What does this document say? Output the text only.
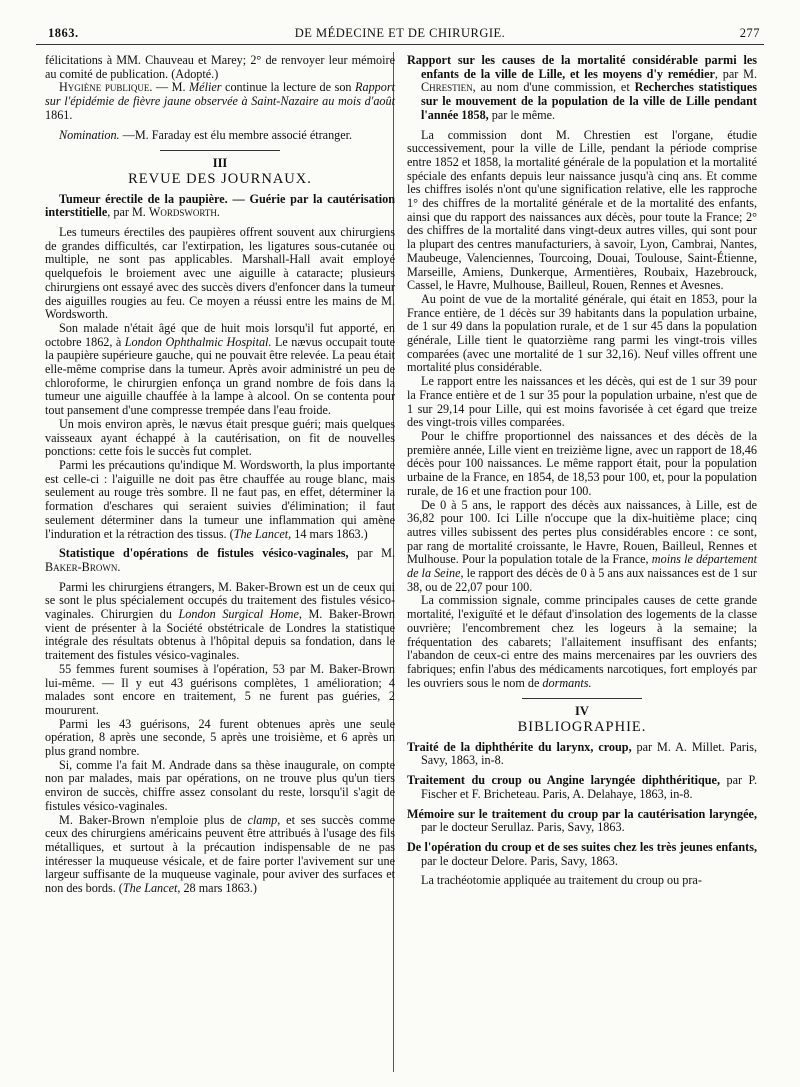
1863.	DE MÉDECINE ET DE CHIRURGIE.	277

félicitations à MM. Chauveau et Marey; 2° de renvoyer leur mémoire au comité de publication. (Adopté.)

Hygiène publique. — M. Mélier continue la lecture de son Rapport sur l'épidémie de fièvre jaune observée à Saint-Nazaire au mois d'août 1861.

Nomination. —M. Faraday est élu membre associé étranger.

III
REVUE DES JOURNAUX.

Tumeur érectile de la paupière. — Guérie par la cautérisation interstitielle, par M. Wordsworth.

Les tumeurs érectiles des paupières offrent souvent aux chirurgiens de grandes difficultés, car l'extirpation, les ligatures sous-cutanée ou multiple, ne sont pas applicables. Marshall-Hall avait employé quelquefois le broiement avec une aiguille à cataracte; plusieurs chirurgiens ont essayé avec des succès divers d'enfoncer dans la tumeur des aiguilles rougies au feu. Ce moyen a réussi entre les mains de M. Wordsworth.

Son malade n'était âgé que de huit mois lorsqu'il fut apporté, en octobre 1862, à London Ophthalmic Hospital. Le nævus occupait toute la paupière supérieure gauche, qui ne pouvait être relevée. La peau était elle-même comprise dans la tumeur. Après avoir administré un peu de chloroforme, le chirurgien enfonça un grand nombre de fois dans la tumeur une aiguille chauffée à la lampe à alcool. On se contenta pour tout pansement d'une compresse trempée dans l'eau froide.

Un mois environ après, le nævus était presque guéri; mais quelques vaisseaux ayant échappé à la cautérisation, on fit de nouvelles ponctions: cette fois le succès fut complet.

Parmi les précautions qu'indique M. Wordsworth, la plus importante est celle-ci : l'aiguille ne doit pas être chauffée au rouge blanc, mais seulement au rouge très sombre. Il ne faut pas, en effet, déterminer la formation d'eschares qui seraient suivies d'élimination; il faut seulement déterminer dans la tumeur une inflammation qui amène l'induration et la rétraction des tissus. (The Lancet, 14 mars 1863.)

Statistique d'opérations de fistules vésico-vaginales, par M. Baker-Brown.

Parmi les chirurgiens étrangers, M. Baker-Brown est un de ceux qui se sont le plus spécialement occupés du traitement des fistules vésico-vaginales. Chirurgien du London Surgical Home, M. Baker-Brown vient de présenter à la Société obstétricale de Londres la statistique intégrale des résultats obtenus à l'hôpital depuis sa fondation, dans le traitement des fistules vésico-vaginales.

55 femmes furent soumises à l'opération, 53 par M. Baker-Brown lui-même. — Il y eut 43 guérisons complètes, 1 amélioration; 4 malades sont encore en traitement, 5 ne furent pas guéries, 2 moururent.

Parmi les 43 guérisons, 24 furent obtenues après une seule opération, 8 après une seconde, 5 après une troisième, et 6 après un plus grand nombre.

Si, comme l'a fait M. Andrade dans sa thèse inaugurale, on compte non par malades, mais par opérations, on ne trouve plus qu'un tiers environ de succès, chiffre assez consolant du reste, lorsqu'il s'agit de fistules vésico-vaginales.

M. Baker-Brown n'emploie plus de clamp, et ses succès comme ceux des chirurgiens américains peuvent être attribués à l'usage des fils métalliques, et surtout à la précaution indispensable de ne pas intéresser la muqueuse vésicale, et de faire porter l'avivement sur une largeur suffisante de la muqueuse vaginale, pour aviver des surfaces et non des bords. (The Lancet, 28 mars 1863.)

Rapport sur les causes de la mortalité considérable parmi les enfants de la ville de Lille, et les moyens d'y remédier, par M. Chrestien, au nom d'une commission, et Recherches statistiques sur le mouvement de la population de la ville de Lille pendant l'année 1858, par le même.

La commission dont M. Chrestien est l'organe, étudie successivement, pour la ville de Lille, pendant la période comprise entre 1852 et 1858, la mortalité générale de la population et la mortalité spéciale des enfants depuis leur naissance jusqu'à cinq ans. Et comme les chiffres isolés n'ont qu'une signification relative, elle les rapproche 1° des chiffres de la mortalité générale et de la mortalité des enfants, ainsi que du rapport des naissances aux décès, pour toute la France; 2° des chiffres de la mortalité dans vingt-deux autres villes, qui sont pour la plupart des centres manufacturiers, à savoir, Lyon, Cambrai, Nantes, Maubeuge, Valenciennes, Tourcoing, Douai, Toulouse, Saint-Étienne, Marseille, Amiens, Dunkerque, Armentières, Roubaix, Hazebrouck, Cassel, le Havre, Mulhouse, Bailleul, Rouen, Rennes et Avesnes.

Au point de vue de la mortalité générale, qui était en 1853, pour la France entière, de 1 décès sur 39 habitants dans la population urbaine, de 1 sur 49 dans la population rurale, et de 1 sur 45 dans la population générale, Lille tient le quatorzième rang parmi les vingt-trois villes comparées (avec une mortalité de 1 sur 32,16). Neuf villes offrent une mortalité plus considérable.

Le rapport entre les naissances et les décès, qui est de 1 sur 39 pour la France entière et de 1 sur 35 pour la population urbaine, n'est que de 1 sur 29,14 pour Lille, qui est moins favorisée à cet égard que treize des vingt-trois villes comparées.

Pour le chiffre proportionnel des naissances et des décès de la première année, Lille vient en treizième ligne, avec un rapport de 18,46 décès pour 100 naissances. Le même rapport était, pour la population urbaine de la France, en 1854, de 18,53 pour 100, et, pour la population rurale, de 16 et une fraction pour 100.

De 0 à 5 ans, le rapport des décès aux naissances, à Lille, est de 36,82 pour 100. Ici Lille n'occupe que la dix-huitième place; cinq autres villes subissent des pertes plus considérables encore : ce sont, par rang de mortalité croissante, le Havre, Rouen, Bailleul, Rennes et Mulhouse. Pour la population totale de la France, moins le département de la Seine, le rapport des décès de 0 à 5 ans aux naissances est de 1 sur 38, ou de 22,07 pour 100.

La commission signale, comme principales causes de cette grande mortalité, l'exiguïté et le défaut d'insolation des logements de la classe ouvrière; l'encombrement chez les logeurs à la semaine; la fréquentation des cabarets; l'allaitement insuffisant des enfants; l'abandon de ceux-ci entre des mains mercenaires par les ouvriers des fabriques; enfin l'abus des médicaments narcotiques, fort employés par les ouvriers sous le nom de dormants.

IV
BIBLIOGRAPHIE.

Traité de la diphthérite du larynx, croup, par M. A. Millet. Paris, Savy, 1863, in-8.

Traitement du croup ou Angine laryngée diphthéritique, par P. Fischer et F. Bricheteau. Paris, A. Delahaye, 1863, in-8.

Mémoire sur le traitement du croup par la cautérisation laryngée, par le docteur Serullaz. Paris, Savy, 1863.

De l'opération du croup et de ses suites chez les très jeunes enfants, par le docteur Delore. Paris, Savy, 1863.

La trachéotomie appliquée au traitement du croup ou pra-
